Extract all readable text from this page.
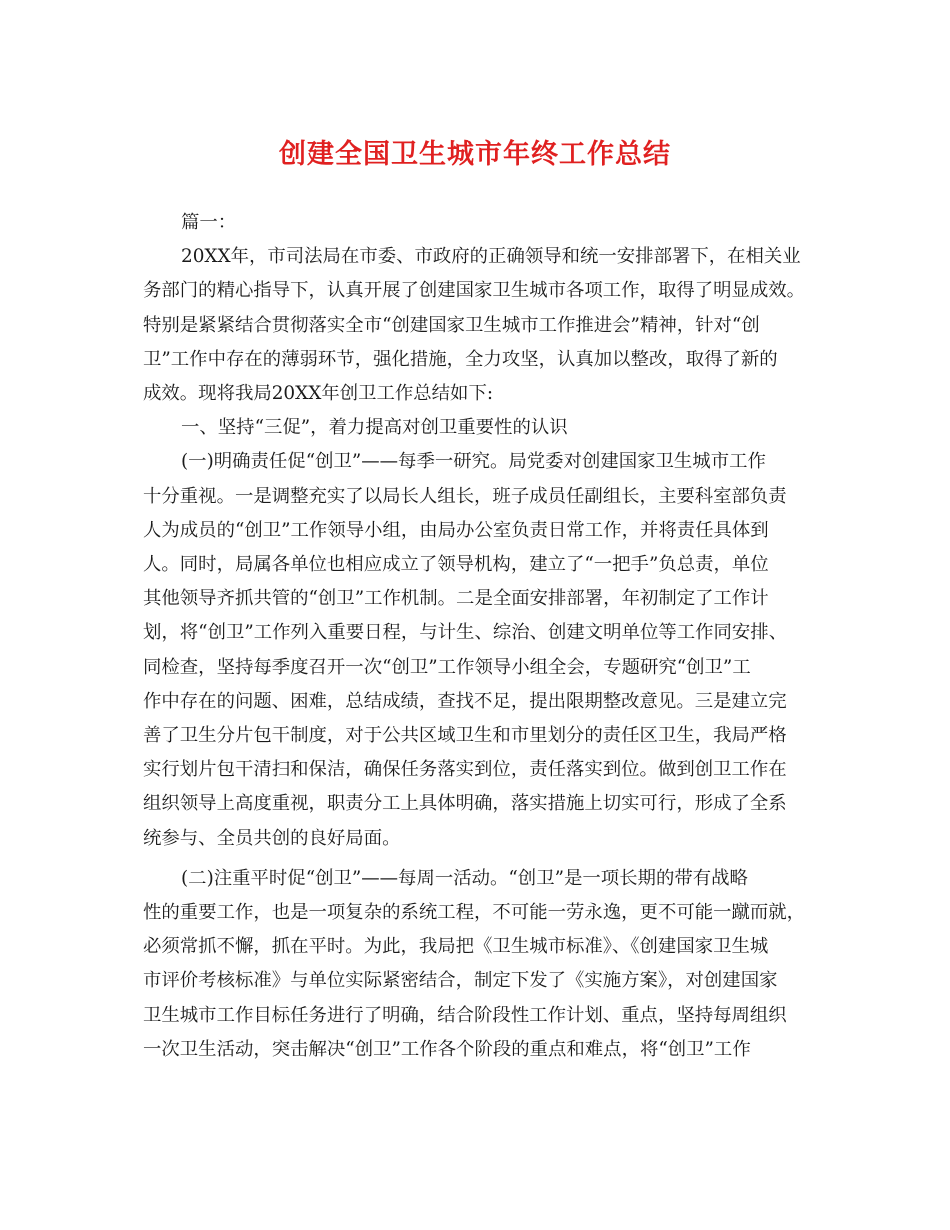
创建全国卫生城市年终工作总结
篇一：
20XX年，市司法局在市委、市政府的正确领导和统一安排部署下，在相关业
务部门的精心指导下，认真开展了创建国家卫生城市各项工作，取得了明显成效。
特别是紧紧结合贯彻落实全市“创建国家卫生城市工作推进会”精神，针对“创
卫”工作中存在的薄弱环节，强化措施，全力攻坚，认真加以整改，取得了新的
成效。现将我局20XX年创卫工作总结如下:
一、坚持“三促”，着力提高对创卫重要性的认识
(一)明确责任促“创卫”——每季一研究。局党委对创建国家卫生城市工作
十分重视。一是调整充实了以局长人组长，班子成员任副组长，主要科室部负责
人为成员的“创卫”工作领导小组，由局办公室负责日常工作，并将责任具体到
人。同时，局属各单位也相应成立了领导机构，建立了“一把手”负总责，单位
其他领导齐抓共管的“创卫”工作机制。二是全面安排部署，年初制定了工作计
划，将“创卫”工作列入重要日程，与计生、综治、创建文明单位等工作同安排、
同检查，坚持每季度召开一次“创卫”工作领导小组全会，专题研究“创卫”工
作中存在的问题、困难，总结成绩，查找不足，提出限期整改意见。三是建立完
善了卫生分片包干制度，对于公共区域卫生和市里划分的责任区卫生，我局严格
实行划片包干清扫和保洁，确保任务落实到位，责任落实到位。做到创卫工作在
组织领导上高度重视，职责分工上具体明确，落实措施上切实可行，形成了全系
统参与、全员共创的良好局面。
(二)注重平时促“创卫”——每周一活动。“创卫”是一项长期的带有战略
性的重要工作，也是一项复杂的系统工程，不可能一劳永逸，更不可能一蹴而就，
必须常抓不懈，抓在平时。为此，我局把《卫生城市标准》、《创建国家卫生城
市评价考核标准》与单位实际紧密结合，制定下发了《实施方案》，对创建国家
卫生城市工作目标任务进行了明确，结合阶段性工作计划、重点，坚持每周组织
一次卫生活动，突击解决“创卫”工作各个阶段的重点和难点，将“创卫”工作
